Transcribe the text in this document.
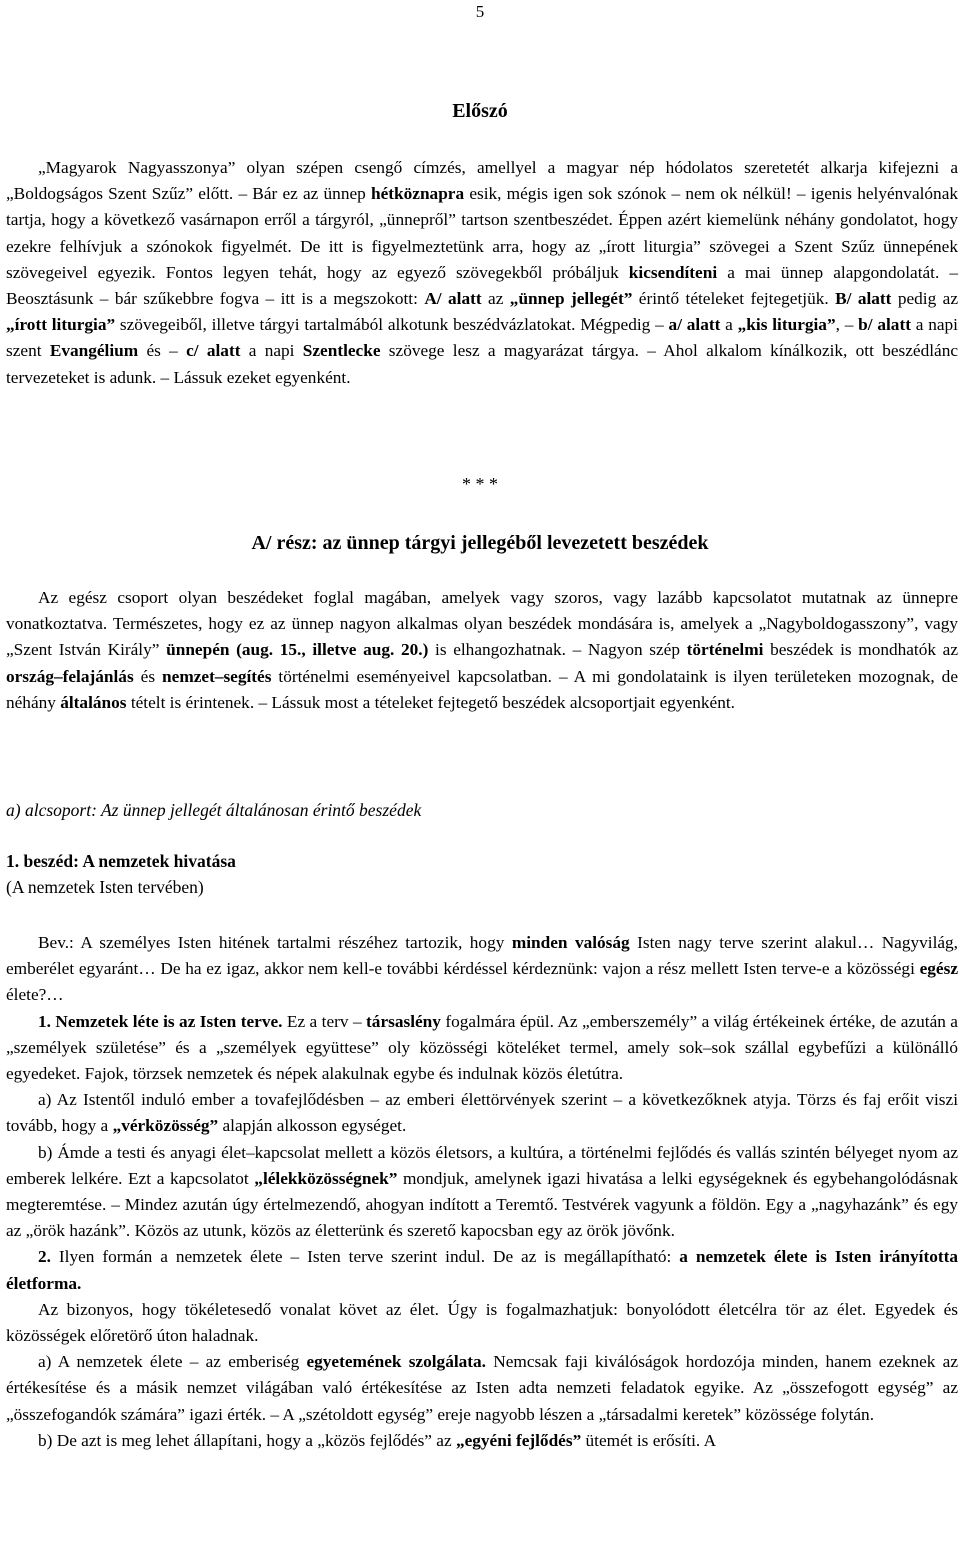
5
Előszó

„Magyarok Nagyasszonya” olyan szépen csengő címzés, amellyel a magyar nép hódolatos szeretetét alkarja kifejezni a „Boldogságos Szent Szűz” előtt. – Bár ez az ünnep hétköznapra esik, mégis igen sok szónok – nem ok nélkül! – igenis helyénvalónak tartja, hogy a következő vasárnapon erről a tárgyról, „ünnepről” tartson szentbeszédet. Éppen azért kiemelünk néhány gondolatot, hogy ezekre felhívjuk a szónokok figyelmét. De itt is figyelmeztetünk arra, hogy az „írott liturgia” szövegei a Szent Szűz ünnepének szövegeivel egyezik. Fontos legyen tehát, hogy az egyező szövegekből próbáljuk kicsendíteni a mai ünnep alapgondolatát. – Beosztásunk – bár szűkebbre fogva – itt is a megszokott: A/ alatt az „ünnep jellegét” érintő tételeket fejtegetjük. B/ alatt pedig az „írott liturgia” szövegeiből, illetve tárgyi tartalmából alkotunk beszédvázlatokat. Mégpedig – a/ alatt a „kis liturgia”, – b/ alatt a napi szent Evangélium és – c/ alatt a napi Szentlecke szövege lesz a magyarázat tárgya. – Ahol alkalom kínálkozik, ott beszédlánc tervezeteket is adunk. – Lássuk ezeket egyenként.

* * *
A/ rész: az ünnep tárgyi jellegéből levezetett beszédek

Az egész csoport olyan beszédeket foglal magában, amelyek vagy szoros, vagy lazább kapcsolatot mutatnak az ünnepre vonatkoztatva. Természetes, hogy ez az ünnep nagyon alkalmas olyan beszédek mondására is, amelyek a „Nagyboldogasszony”, vagy „Szent István Király” ünnepén (aug. 15., illetve aug. 20.) is elhangozhatnak. – Nagyon szép történelmi beszédek is mondhatók az ország–felajánlás és nemzet–segítés történelmi eseményeivel kapcsolatban. – A mi gondolataink is ilyen területeken mozognak, de néhány általános tételt is érintenek. – Lássuk most a tételeket fejtegető beszédek alcsoportjait egyenként.

a) alcsoport: Az ünnep jellegét általánosan érintő beszédek
1. beszéd: A nemzetek hivatása
(A nemzetek Isten tervében)

Bev.: A személyes Isten hitének tartalmi részéhez tartozik, hogy minden valóság Isten nagy terve szerint alakul… Nagyvilág, emberélet egyaránt… De ha ez igaz, akkor nem kell-e további kérdéssel kérdeznünk: vajon a rész mellett Isten terve-e a közösségi egész élete?…

1. Nemzetek léte is az Isten terve. Ez a terv – társaslény fogalmára épül. Az „emberszemély” a világ értékeinek értéke, de azután a „személyek születése” és a „személyek együttese” oly közösségi köteléket termel, amely sok–sok szállal egybefűzi a különálló egyedeket. Fajok, törzsek nemzetek és népek alakulnak egybe és indulnak közös életútra.

a) Az Istentől induló ember a tovafejlődésben – az emberi élettörvények szerint – a következőknek atyja. Törzs és faj erőit viszi tovább, hogy a „vérközösség” alapján alkosson egységet.

b) Ámde a testi és anyagi élet–kapcsolat mellett a közös életsors, a kultúra, a történelmi fejlődés és vallás szintén bélyeget nyom az emberek lelkére. Ezt a kapcsolatot „lélekközösségnek” mondjuk, amelynek igazi hivatása a lelki egységeknek és egybehangolódásnak megteremtése. – Mindez azután úgy értelmezendő, ahogyan indított a Teremtő. Testvérek vagyunk a földön. Egy a „nagyhazánk” és egy az „örök hazánk”. Közös az utunk, közös az életterünk és szerető kapocsban egy az örök jövőnk.

2. Ilyen formán a nemzetek élete – Isten terve szerint indul. De az is megállapítható: a nemzetek élete is Isten irányította életforma.

Az bizonyos, hogy tökéletesedő vonalat követ az élet. Úgy is fogalmazhatjuk: bonyolódott életcélra tör az élet. Egyedek és közösségek előretörő úton haladnak.

a) A nemzetek élete – az emberiség egyetemének szolgálata. Nemcsak faji kiválóságok hordozója minden, hanem ezeknek az értékesítése és a másik nemzet világában való értékesítése az Isten adta nemzeti feladatok egyike. Az „összefogott egység” az „összefogandók számára” igazi érték. – A „szétoldott egység” ereje nagyobb lészen a „társadalmi keretek” közössége folytán.

b) De azt is meg lehet állapítani, hogy a „közös fejlődés” az „egyéni fejlődés” ütemét is erősíti. A
